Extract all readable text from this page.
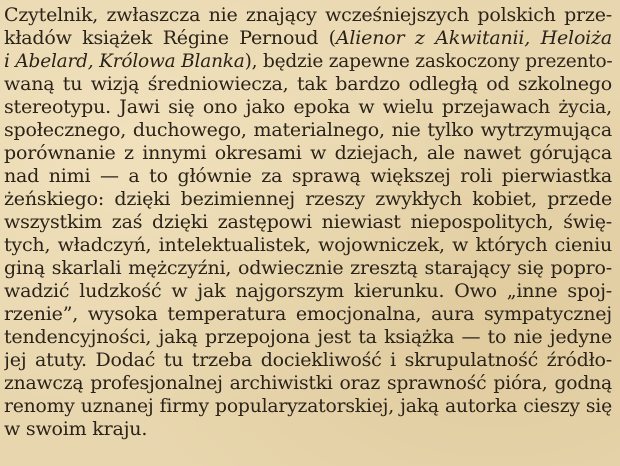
Czytelnik, zwłaszcza nie znający wcześniejszych polskich prze-
kładów książek Régine Pernoud (Alienor z Akwitanii, Heloiża
i Abelard, Królowa Blanka), będzie zapewne zaskoczony prezento-
waną tu wizją średniowiecza, tak bardzo odległą od szkolnego
stereotypu. Jawi się ono jako epoka w wielu przejawach życia,
społecznego, duchowego, materialnego, nie tylko wytrzymująca
porównanie z innymi okresami w dziejach, ale nawet górująca
nad nimi — a to głównie za sprawą większej roli pierwiastka
żeńskiego: dzięki bezimiennej rzeszy zwykłych kobiet, przede
wszystkim zaś dzięki zastępowi niewiast niepospolitych, świę-
tych, władczyń, intelektualistek, wojowniczek, w których cieniu
giną skarlali mężczyźni, odwiecznie zresztą starający się popro-
wadzić ludzkość w jak najgorszym kierunku. Owo „inne spoj-
rzenie”, wysoka temperatura emocjonalna, aura sympatycznej
tendencyjności, jaką przepojona jest ta książka — to nie jedyne
jej atuty. Dodać tu trzeba dociekliwość i skrupulatność źródło-
znawczą profesjonalnej archiwistki oraz sprawność pióra, godną
renomy uznanej firmy popularyzatorskiej, jaką autorka cieszy się
w swoim kraju.
